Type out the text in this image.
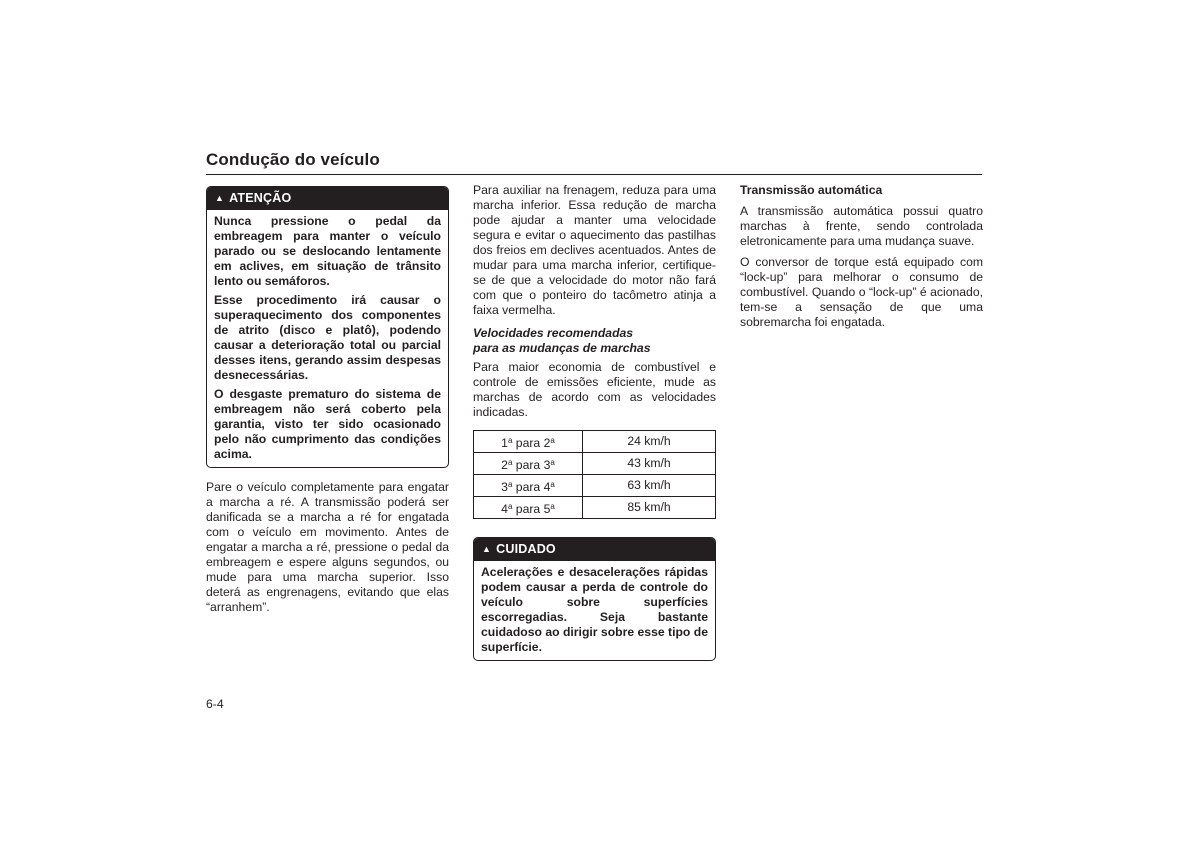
Condução do veículo
▲ ATENÇÃO

Nunca pressione o pedal da embreagem para manter o veículo parado ou se deslocando lentamente em aclives, em situação de trânsito lento ou semáforos.

Esse procedimento irá causar o superaquecimento dos componentes de atrito (disco e platô), podendo causar a deterioração total ou parcial desses itens, gerando assim despesas desnecessárias.

O desgaste prematuro do sistema de embreagem não será coberto pela garantia, visto ter sido ocasionado pelo não cumprimento das condições acima.

Pare o veículo completamente para engatar a marcha a ré. A transmissão poderá ser danificada se a marcha a ré for engatada com o veículo em movimento. Antes de engatar a marcha a ré, pressione o pedal da embreagem e espere alguns segundos, ou mude para uma marcha superior. Isso deterá as engrenagens, evitando que elas “arranhem”.

Para auxiliar na frenagem, reduza para uma marcha inferior. Essa redução de marcha pode ajudar a manter uma velocidade segura e evitar o aquecimento das pastilhas dos freios em declives acentuados. Antes de mudar para uma marcha inferior, certifique-se de que a velocidade do motor não fará com que o ponteiro do tacômetro atinja a faixa vermelha.

Velocidades recomendadas
para as mudanças de marchas

Para maior economia de combustível e controle de emissões eficiente, mude as marchas de acordo com as velocidades indicadas.

1$^a$ para 2$^a$	24 km/h
2$^a$ para 3$^a$	43 km/h
3$^a$ para 4$^a$	63 km/h
4$^a$ para 5$^a$	85 km/h
▲ CUIDADO

Acelerações e desacelerações rápidas podem causar a perda de controle do veículo sobre superfícies escorregadias. Seja bastante cuidadoso ao dirigir sobre esse tipo de superfície.

Transmissão automática

A transmissão automática possui quatro marchas à frente, sendo controlada eletronicamente para uma mudança suave.

O conversor de torque está equipado com “lock-up” para melhorar o consumo de combustível. Quando o “lock-up” é acionado, tem-se a sensação de que uma sobremarcha foi engatada.

6-4
